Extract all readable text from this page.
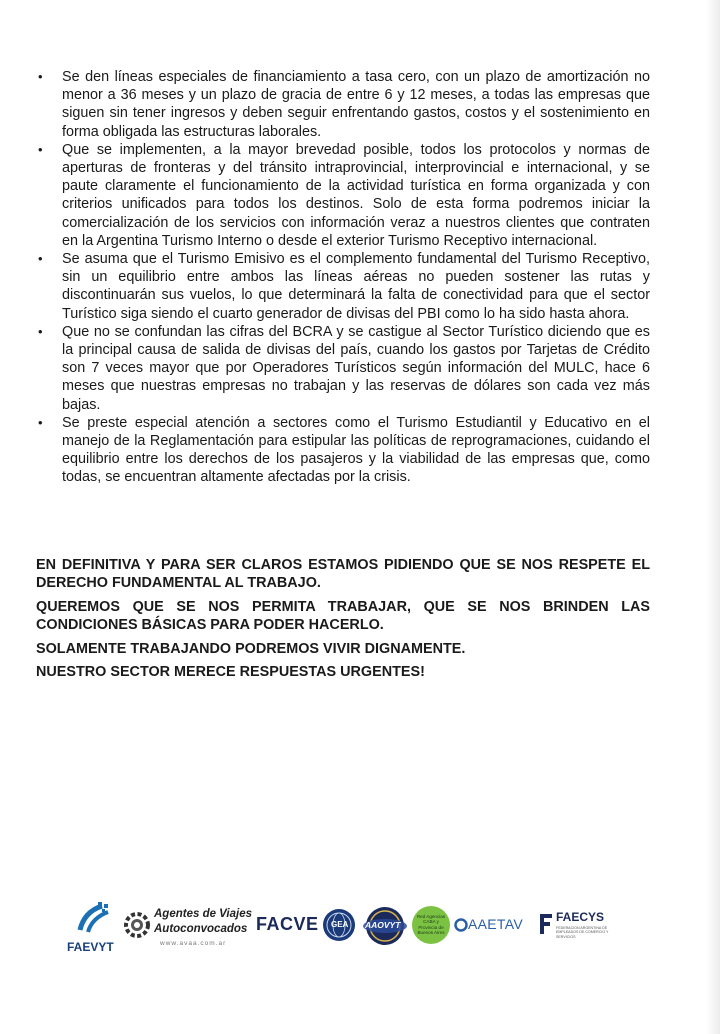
• Se den líneas especiales de financiamiento a tasa cero, con un plazo de amortización no menor a 36 meses y un plazo de gracia de entre 6 y 12 meses, a todas las empresas que siguen sin tener ingresos y deben seguir enfrentando gastos, costos y el sostenimiento en forma obligada las estructuras laborales.
• Que se implementen, a la mayor brevedad posible, todos los protocolos y normas de aperturas de fronteras y del tránsito intraprovincial, interprovincial e internacional, y se paute claramente el funcionamiento de la actividad turística en forma organizada y con criterios unificados para todos los destinos. Solo de esta forma podremos iniciar la comercialización de los servicios con información veraz a nuestros clientes que contraten en la Argentina Turismo Interno o desde el exterior Turismo Receptivo internacional.
• Se asuma que el Turismo Emisivo es el complemento fundamental del Turismo Receptivo, sin un equilibrio entre ambos las líneas aéreas no pueden sostener las rutas y discontinuarán sus vuelos, lo que determinará la falta de conectividad para que el sector Turístico siga siendo el cuarto generador de divisas del PBI como lo ha sido hasta ahora.
• Que no se confundan las cifras del BCRA y se castigue al Sector Turístico diciendo que es la principal causa de salida de divisas del país, cuando los gastos por Tarjetas de Crédito son 7 veces mayor que por Operadores Turísticos según información del MULC, hace 6 meses que nuestras empresas no trabajan y las reservas de dólares son cada vez más bajas.
• Se preste especial atención a sectores como el Turismo Estudiantil y Educativo en el manejo de la Reglamentación para estipular las políticas de reprogramaciones, cuidando el equilibrio entre los derechos de los pasajeros y la viabilidad de las empresas que, como todas, se encuentran altamente afectadas por la crisis.

EN DEFINITIVA Y PARA SER CLAROS ESTAMOS PIDIENDO QUE SE NOS RESPETE EL DERECHO FUNDAMENTAL AL TRABAJO.

QUEREMOS QUE SE NOS PERMITA TRABAJAR, QUE SE NOS BRINDEN LAS CONDICIONES BÁSICAS PARA PODER HACERLO.

SOLAMENTE TRABAJANDO PODREMOS VIVIR DIGNAMENTE.

NUESTRO SECTOR MERECE RESPUESTAS URGENTES!

FAEVYT
Agentes de Viajes
Autoconvocados
www.avaa.com.ar
FACVE GEA AAOVYT
Red Agencias CABA y Provincia de Buenos Aires
AAETAV	FAECYS
FEDERACION ARGENTINA DE EMPLEADOS DE COMERCIO Y SERVICIOS
